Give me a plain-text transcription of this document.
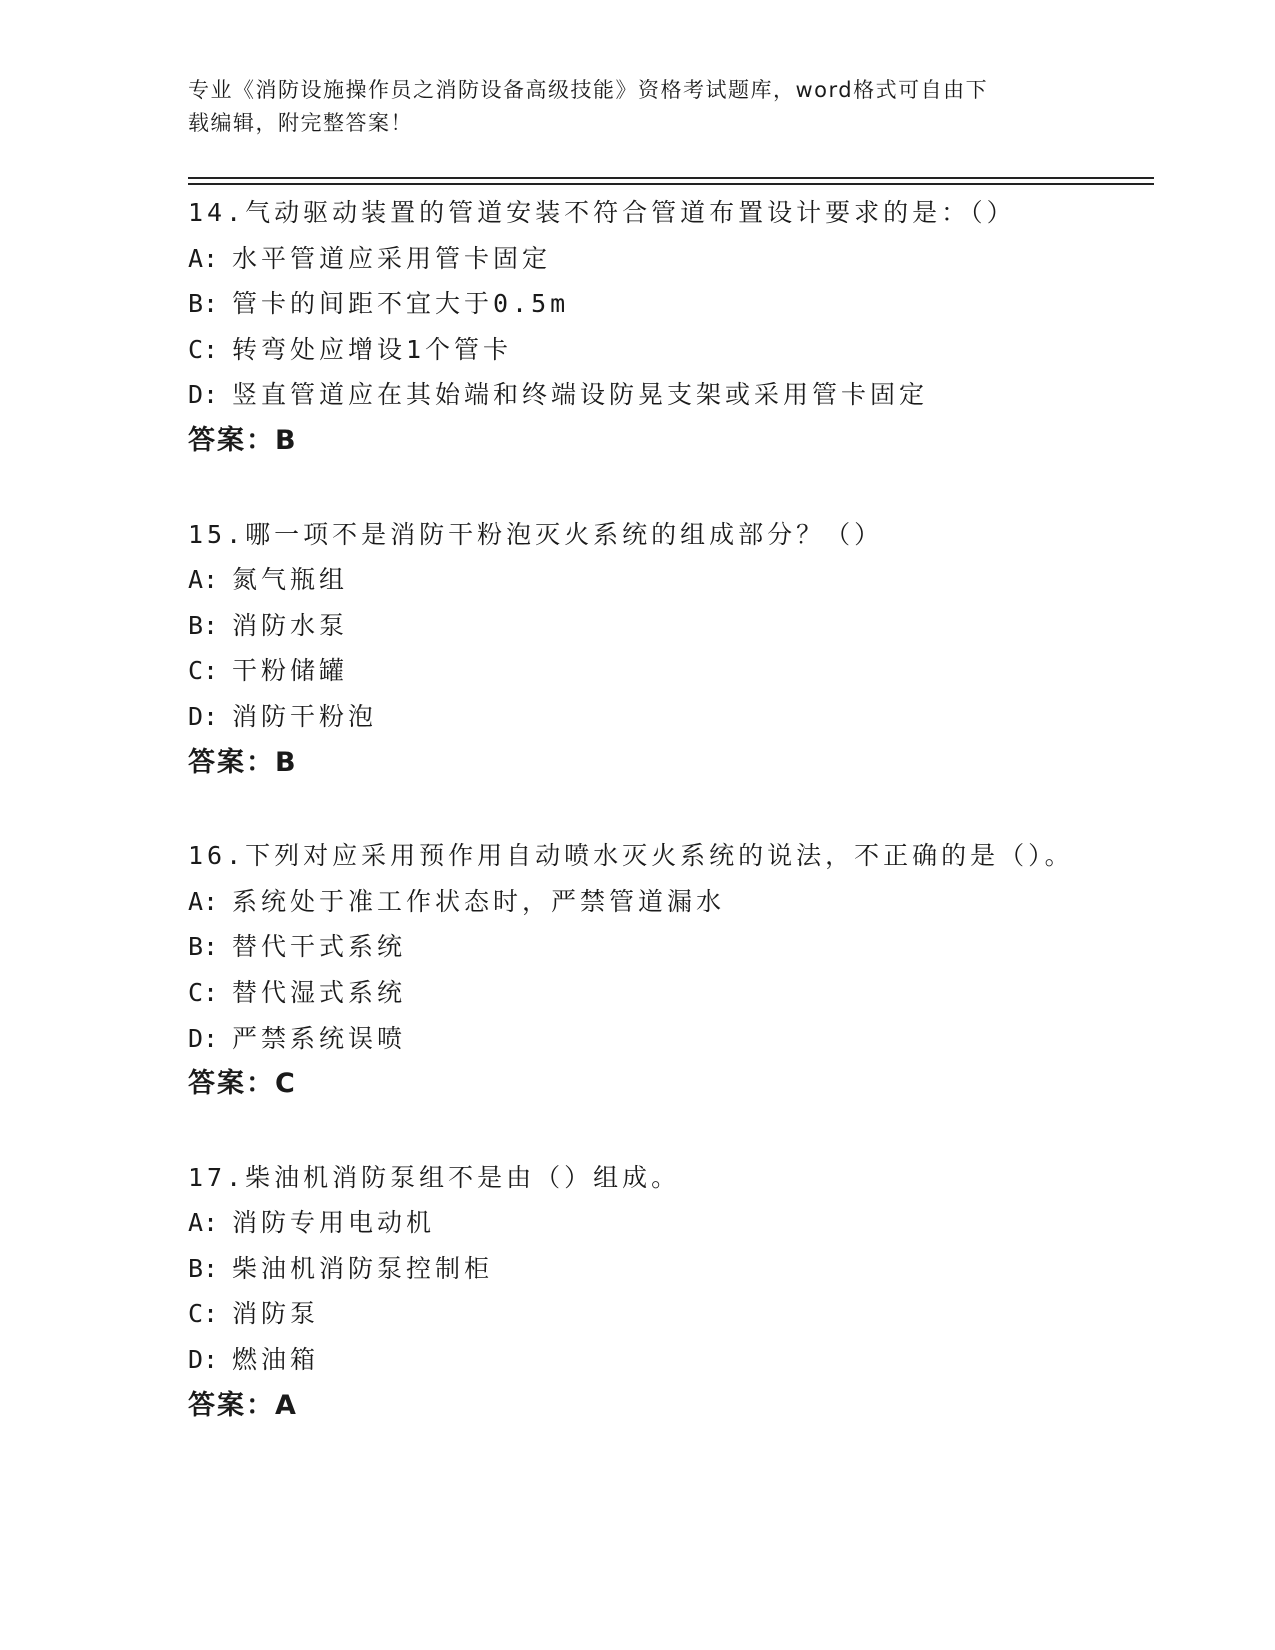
专业《消防设施操作员之消防设备高级技能》资格考试题库，word格式可自由下
载编辑，附完整答案！
14.气动驱动装置的管道安装不符合管道布置设计要求的是：（）
A: 水平管道应采用管卡固定
B: 管卡的间距不宜大于0.5m
C: 转弯处应增设1个管卡
D: 竖直管道应在其始端和终端设防晃支架或采用管卡固定
答案：B
15.哪一项不是消防干粉泡灭火系统的组成部分？（）
A: 氮气瓶组
B: 消防水泵
C: 干粉储罐
D: 消防干粉泡
答案：B
16.下列对应采用预作用自动喷水灭火系统的说法，不正确的是（）。
A: 系统处于准工作状态时，严禁管道漏水
B: 替代干式系统
C: 替代湿式系统
D: 严禁系统误喷
答案：C
17.柴油机消防泵组不是由（）组成。
A: 消防专用电动机
B: 柴油机消防泵控制柜
C: 消防泵
D: 燃油箱
答案：A
